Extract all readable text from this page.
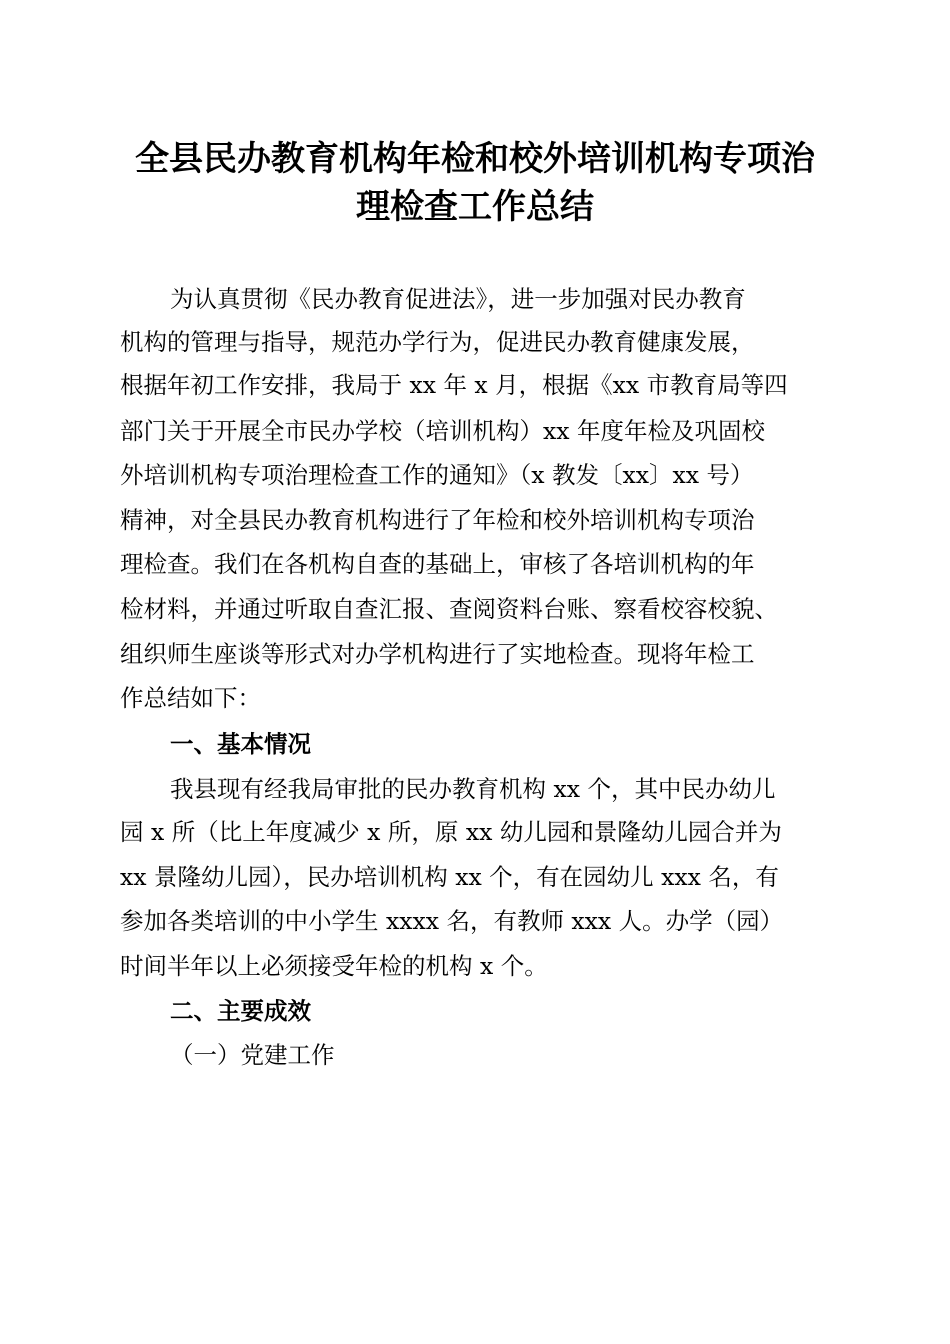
全县民办教育机构年检和校外培训机构专项治
理检查工作总结

为认真贯彻《民办教育促进法》，进一步加强对民办教育

机构的管理与指导，规范办学行为，促进民办教育健康发展，

根据年初工作安排，我局于 xx 年 x 月，根据《xx 市教育局等四

部门关于开展全市民办学校（培训机构）xx 年度年检及巩固校

外培训机构专项治理检查工作的通知》（x 教发〔xx〕xx 号）

精神，对全县民办教育机构进行了年检和校外培训机构专项治

理检查。我们在各机构自查的基础上，审核了各培训机构的年

检材料，并通过听取自查汇报、查阅资料台账、察看校容校貌、

组织师生座谈等形式对办学机构进行了实地检查。现将年检工

作总结如下：

一、基本情况

我县现有经我局审批的民办教育机构 xx 个，其中民办幼儿

园 x 所（比上年度减少 x 所，原 xx 幼儿园和景隆幼儿园合并为

xx 景隆幼儿园），民办培训机构 xx 个，有在园幼儿 xxx 名，有

参加各类培训的中小学生 xxxx 名，有教师 xxx 人。办学（园）

时间半年以上必须接受年检的机构 x 个。

二、主要成效

（一）党建工作
